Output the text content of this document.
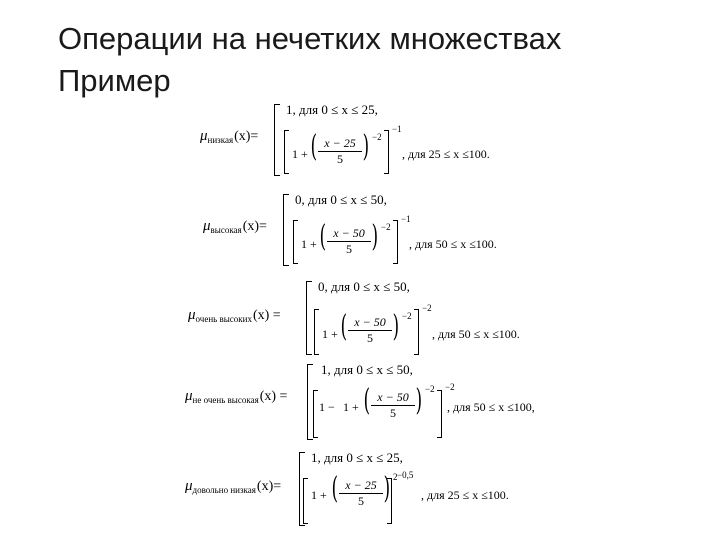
Операции на нечетких множествах
Пример
μ низкая (x)=
1, для 0 ≤ x ≤ 25,
1 + ( $\frac{x - 25}{5}$ ) −2
−1
, для 25 ≤ x ≤100.
μ высокая (x)=
0, для 0 ≤ x ≤ 50,
1 + ( $\frac{x - 50}{5}$ ) −2
−1
, для 50 ≤ x ≤100.
μ очень высоких (x) =
0, для 0 ≤ x ≤ 50,
1 + ( $\frac{x - 50}{5}$ ) −2
−2
, для 50 ≤ x ≤100.
μ не очень высокая (x) =
1, для 0 ≤ x ≤ 50,
1 − 1 + ( $\frac{x - 50}{5}$ ) −2
, для 50 ≤ x ≤100,
μ довольно низкая (x)=
1, для 0 ≤ x ≤ 25,
1 + ( $\frac{x - 25}{5}$ ) 2 −0,5
, для 25 ≤ x ≤100.
−2
